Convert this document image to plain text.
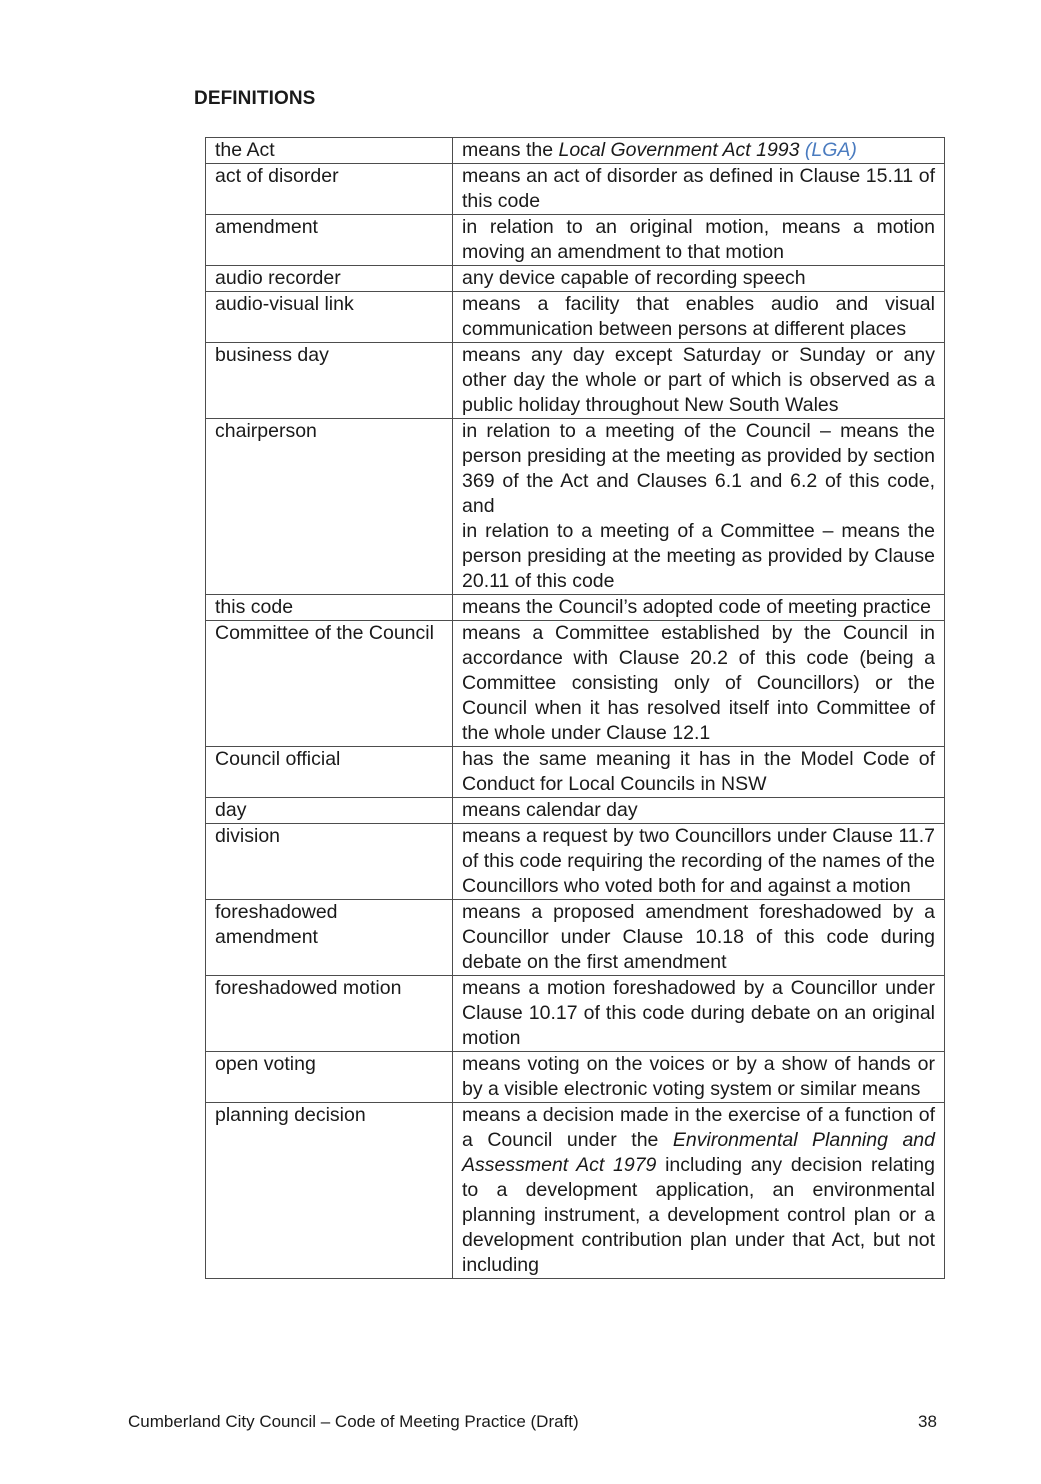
DEFINITIONS
the Act	means the Local Government Act 1993 (LGA)
act of disorder	means an act of disorder as defined in Clause 15.11 of this code
amendment	in relation to an original motion, means a motion moving an amendment to that motion
audio recorder	any device capable of recording speech
audio-visual link	means a facility that enables audio and visual communication between persons at different places
business day	means any day except Saturday or Sunday or any other day the whole or part of which is observed as a public holiday throughout New South Wales
chairperson	in relation to a meeting of the Council – means the person presiding at the meeting as provided by section 369 of the Act and Clauses 6.1 and 6.2 of this code, and
in relation to a meeting of a Committee – means the person presiding at the meeting as provided by Clause 20.11 of this code
this code	means the Council’s adopted code of meeting practice
Committee of the Council	means a Committee established by the Council in accordance with Clause 20.2 of this code (being a Committee consisting only of Councillors) or the Council when it has resolved itself into Committee of the whole under Clause 12.1
Council official	has the same meaning it has in the Model Code of Conduct for Local Councils in NSW
day	means calendar day
division	means a request by two Councillors under Clause 11.7 of this code requiring the recording of the names of the Councillors who voted both for and against a motion
foreshadowed amendment	means a proposed amendment foreshadowed by a Councillor under Clause 10.18 of this code during debate on the first amendment
foreshadowed motion	means a motion foreshadowed by a Councillor under Clause 10.17 of this code during debate on an original motion
open voting	means voting on the voices or by a show of hands or by a visible electronic voting system or similar means
planning decision	means a decision made in the exercise of a function of a Council under the Environmental Planning and Assessment Act 1979 including any decision relating to a development application, an environmental planning instrument, a development control plan or a development contribution plan under that Act, but not including
Cumberland City Council – Code of Meeting Practice (Draft)	38
